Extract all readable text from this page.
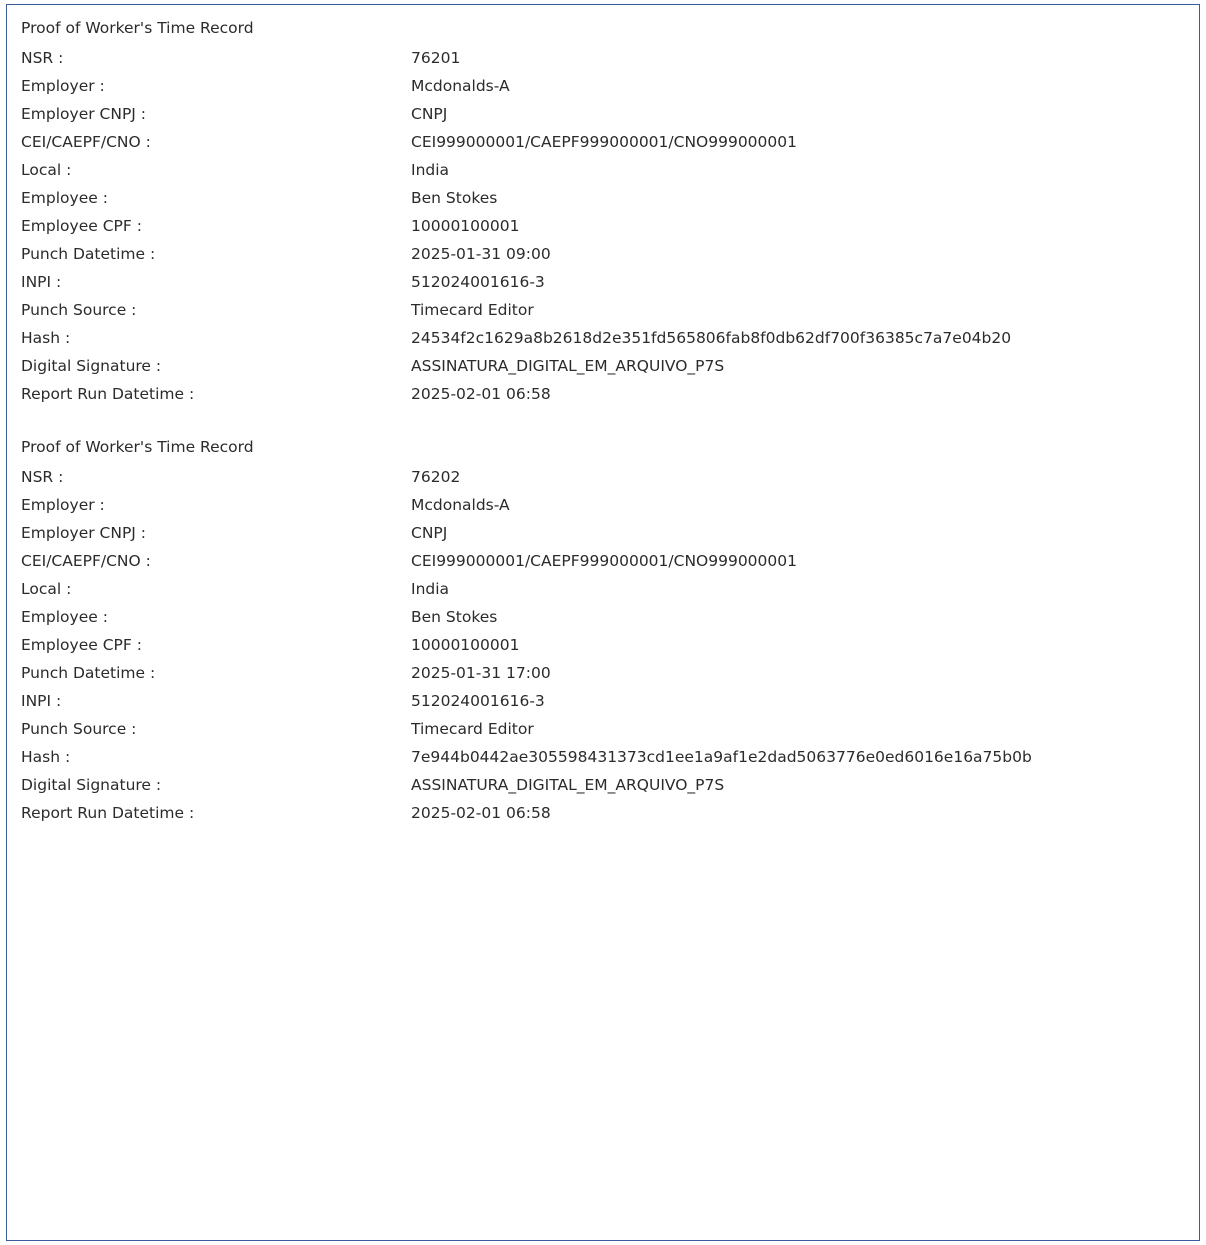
Proof of Worker's Time Record
NSR :	76201
Employer :	Mcdonalds-A
Employer CNPJ :	CNPJ
CEI/CAEPF/CNO :	CEI999000001/CAEPF999000001/CNO999000001
Local :	India
Employee :	Ben Stokes
Employee CPF :	10000100001
Punch Datetime :	2025-01-31 09:00
INPI :	512024001616-3
Punch Source :	Timecard Editor
Hash :	24534f2c1629a8b2618d2e351fd565806fab8f0db62df700f36385c7a7e04b20
Digital Signature :	ASSINATURA_DIGITAL_EM_ARQUIVO_P7S
Report Run Datetime :	2025-02-01 06:58
Proof of Worker's Time Record
NSR :	76202
Employer :	Mcdonalds-A
Employer CNPJ :	CNPJ
CEI/CAEPF/CNO :	CEI999000001/CAEPF999000001/CNO999000001
Local :	India
Employee :	Ben Stokes
Employee CPF :	10000100001
Punch Datetime :	2025-01-31 17:00
INPI :	512024001616-3
Punch Source :	Timecard Editor
Hash :	7e944b0442ae305598431373cd1ee1a9af1e2dad5063776e0ed6016e16a75b0b
Digital Signature :	ASSINATURA_DIGITAL_EM_ARQUIVO_P7S
Report Run Datetime :	2025-02-01 06:58
